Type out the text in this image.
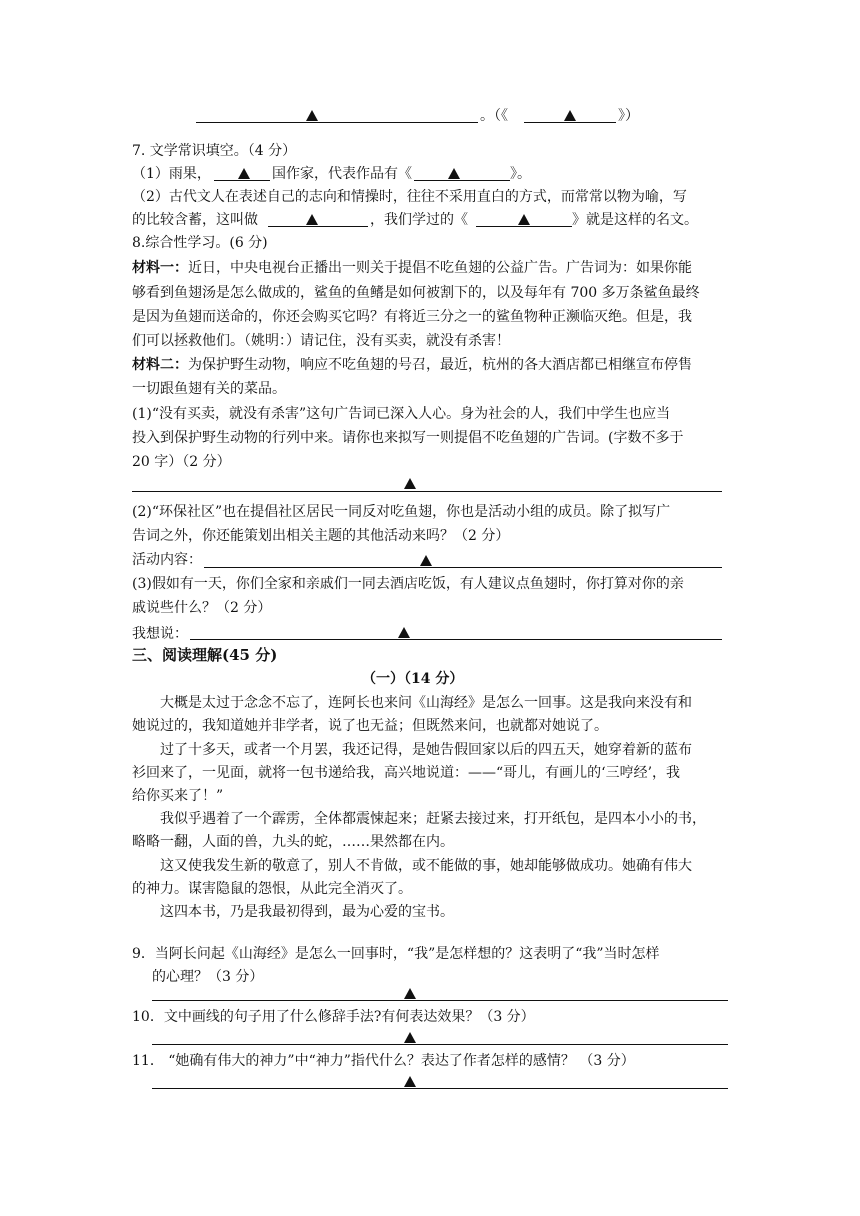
。（《	》）
7. 文学常识填空。（4 分）
（1）雨果，	国作家，代表作品有《	》。
（2）古代文人在表述自己的志向和情操时，往往不采用直白的方式，而常常以物为喻，写
的比较含蓄，这叫做	，我们学过的《	》就是这样的名文。
8.综合性学习。(6 分)
材料一：近日，中央电视台正播出一则关于提倡不吃鱼翅的公益广告。广告词为：如果你能
够看到鱼翅汤是怎么做成的，鲨鱼的鱼鳍是如何被割下的，以及每年有 700 多万条鲨鱼最终
是因为鱼翅而送命的，你还会购买它吗？有将近三分之一的鲨鱼物种正濒临灭绝。但是，我
们可以拯救他们。（姚明：）请记住，没有买卖，就没有杀害！
材料二：为保护野生动物，响应不吃鱼翅的号召，最近，杭州的各大酒店都已相继宣布停售
一切跟鱼翅有关的菜品。
(1)“没有买卖，就没有杀害”这句广告词已深入人心。身为社会的人，我们中学生也应当
投入到保护野生动物的行列中来。请你也来拟写一则提倡不吃鱼翅的广告词。(字数不多于
20 字）（2 分）
(2)“环保社区”也在提倡社区居民一同反对吃鱼翅，你也是活动小组的成员。除了拟写广
告词之外，你还能策划出相关主题的其他活动来吗？（2 分）
活动内容：
(3)假如有一天，你们全家和亲戚们一同去酒店吃饭，有人建议点鱼翅时，你打算对你的亲
戚说些什么？（2 分）
我想说：
三、阅读理解(45 分)
（一）（14 分）
大概是太过于念念不忘了，连阿长也来问《山海经》是怎么一回事。这是我向来没有和
她说过的，我知道她并非学者，说了也无益；但既然来问，也就都对她说了。
过了十多天，或者一个月罢，我还记得，是她告假回家以后的四五天，她穿着新的蓝布
衫回来了，一见面，就将一包书递给我，高兴地说道：——“哥儿，有画儿的‘三哼经’，我
给你买来了！”
我似乎遇着了一个霹雳，全体都震悚起来；赶紧去接过来，打开纸包，是四本小小的书，
略略一翻，人面的兽，九头的蛇，……果然都在内。
这又使我发生新的敬意了，别人不肯做，或不能做的事，她却能够做成功。她确有伟大
的神力。谋害隐鼠的怨恨，从此完全消灭了。
这四本书，乃是我最初得到，最为心爱的宝书。
9．当阿长问起《山海经》是怎么一回事时，“我”是怎样想的？这表明了“我”当时怎样
的心理？（3 分）
10．文中画线的句子用了什么修辞手法?有何表达效果？（3 分）
11． “她确有伟大的神力”中“神力”指代什么？表达了作者怎样的感情？ （3 分）
